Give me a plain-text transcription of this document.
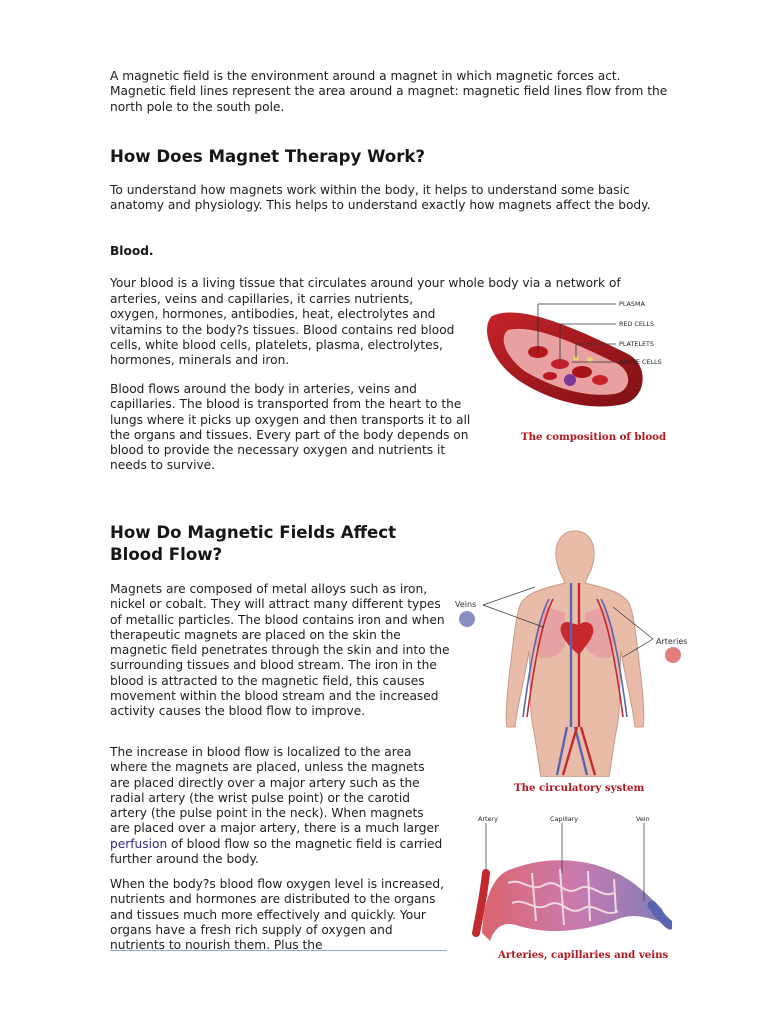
A magnetic field is the environment around a magnet in which magnetic forces act. Magnetic field lines represent the area around a magnet: magnetic field lines flow from the north pole to the south pole.

How Does Magnet Therapy Work?

To understand how magnets work within the body, it helps to understand some basic anatomy and physiology. This helps to understand exactly how magnets affect the body.

Blood.

Your blood is a living tissue that circulates around your whole body via a network of

arteries, veins and capillaries, it carries nutrients, oxygen, hormones, antibodies, heat, electrolytes and vitamins to the body?s tissues. Blood contains red blood cells, white blood cells, platelets, plasma, electrolytes, hormones, minerals and iron.

Blood flows around the body in arteries, veins and capillaries. The blood is transported from the heart to the lungs where it picks up oxygen and then transports it to all the organs and tissues. Every part of the body depends on blood to provide the necessary oxygen and nutrients it needs to survive.

PLASMA
RED CELLS
PLATELETS
WHITE CELLS
The composition of blood
How Do Magnetic Fields Affect Blood Flow?

Magnets are composed of metal alloys such as iron, nickel or cobalt. They will attract many different types of metallic particles. The blood contains iron and when therapeutic magnets are placed on the skin the magnetic field penetrates through the skin and into the surrounding tissues and blood stream. The iron in the blood is attracted to the magnetic field, this causes movement within the blood stream and the increased activity causes the blood flow to improve.

The increase in blood flow is localized to the area where the magnets are placed, unless the magnets are placed directly over a major artery such as the radial artery (the wrist pulse point) or the carotid artery (the pulse point in the neck). When magnets are placed over a major artery, there is a much larger perfusion of blood flow so the magnetic field is carried further around the body.

When the body?s blood flow oxygen level is increased, nutrients and hormones are distributed to the organs and tissues much more effectively and quickly. Your organs have a fresh rich supply of oxygen and nutrients to nourish them. Plus the

Veins
Arteries
The circulatory system
Artery	Capillary	Vein
Arteries, capillaries and veins
